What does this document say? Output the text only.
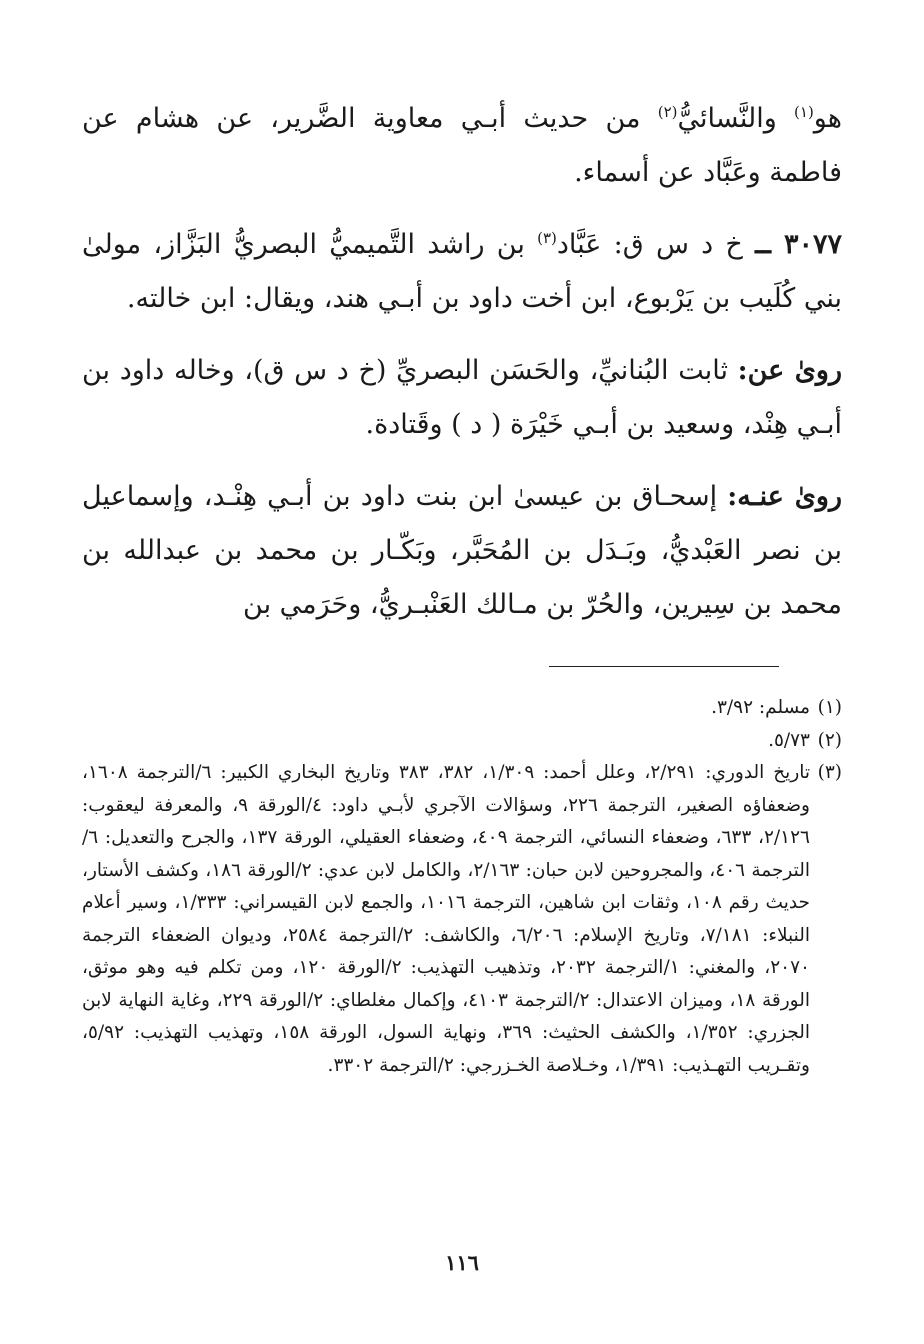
هو$^{(١)}$ والنَّسائيُّ$^{(٢)}$ من حديث أبـي معاوية الضَّرير، عن هشام عن فاطمة وعَبَّاد عن أسماء.

٣٠٧٧ ــ خ د س ق: عَبَّاد$^{(٣)}$ بن راشد التَّميميُّ البصريُّ البَزَّاز، مولىٰ بني كُلَيب بن يَرْبوع، ابن أخت داود بن أبـي هند، ويقال: ابن خالته.

روىٰ عن: ثابت البُنانيِّ، والحَسَن البصريِّ (خ د س ق)، وخاله داود بن أبـي هِنْد، وسعيد بن أبـي خَيْرَة ( د ) وقَتادة.

روىٰ عنـه: إسحـاق بن عيسىٰ ابن بنت داود بن أبـي هِنْـد، وإسماعيل بن نصر العَبْديُّ، وبَـدَل بن المُحَبَّر، وبَكّـار بن محمد بن عبدالله بن محمد بن سِيرين، والحُرّ بن مـالك العَنْبـريُّ، وحَرَمي بن

(١)
مسلم: ٣/٩٢.
(٢)
٥/٧٣.
(٣)
تاريخ الدوري: ٢/٢٩١، وعلل أحمد: ١/٣٠٩، ٣٨٢، ٣٨٣ وتاريخ البخاري الكبير: ٦/الترجمة ١٦٠٨، وضعفاؤه الصغير، الترجمة ٢٢٦، وسؤالات الآجري لأبـي داود: ٤/الورقة ٩، والمعرفة ليعقوب: ٢/١٢٦، ٦٣٣، وضعفاء النسائي، الترجمة ٤٠٩، وضعفاء العقيلي، الورقة ١٣٧، والجرح والتعديل: ٦/الترجمة ٤٠٦، والمجروحين لابن حبان: ٢/١٦٣، والكامل لابن عدي: ٢/الورقة ١٨٦، وكشف الأستار، حديث رقم ١٠٨، وثقات ابن شاهين، الترجمة ١٠١٦، والجمع لابن القيسراني: ١/٣٣٣، وسير أعلام النبلاء: ٧/١٨١، وتاريخ الإسلام: ٦/٢٠٦، والكاشف: ٢/الترجمة ٢٥٨٤، وديوان الضعفاء الترجمة ٢٠٧٠، والمغني: ١/الترجمة ٢٠٣٢، وتذهيب التهذيب: ٢/الورقة ١٢٠، ومن تكلم فيه وهو موثق، الورقة ١٨، وميزان الاعتدال: ٢/الترجمة ٤١٠٣، وإكمال مغلطاي: ٢/الورقة ٢٢٩، وغاية النهاية لابن الجزري: ١/٣٥٢، والكشف الحثيث: ٣٦٩، ونهاية السول، الورقة ١٥٨، وتهذيب التهذيب: ٥/٩٢، وتقـريب التهـذيب: ١/٣٩١، وخـلاصة الخـزرجي: ٢/الترجمة ٣٣٠٢.
١١٦
